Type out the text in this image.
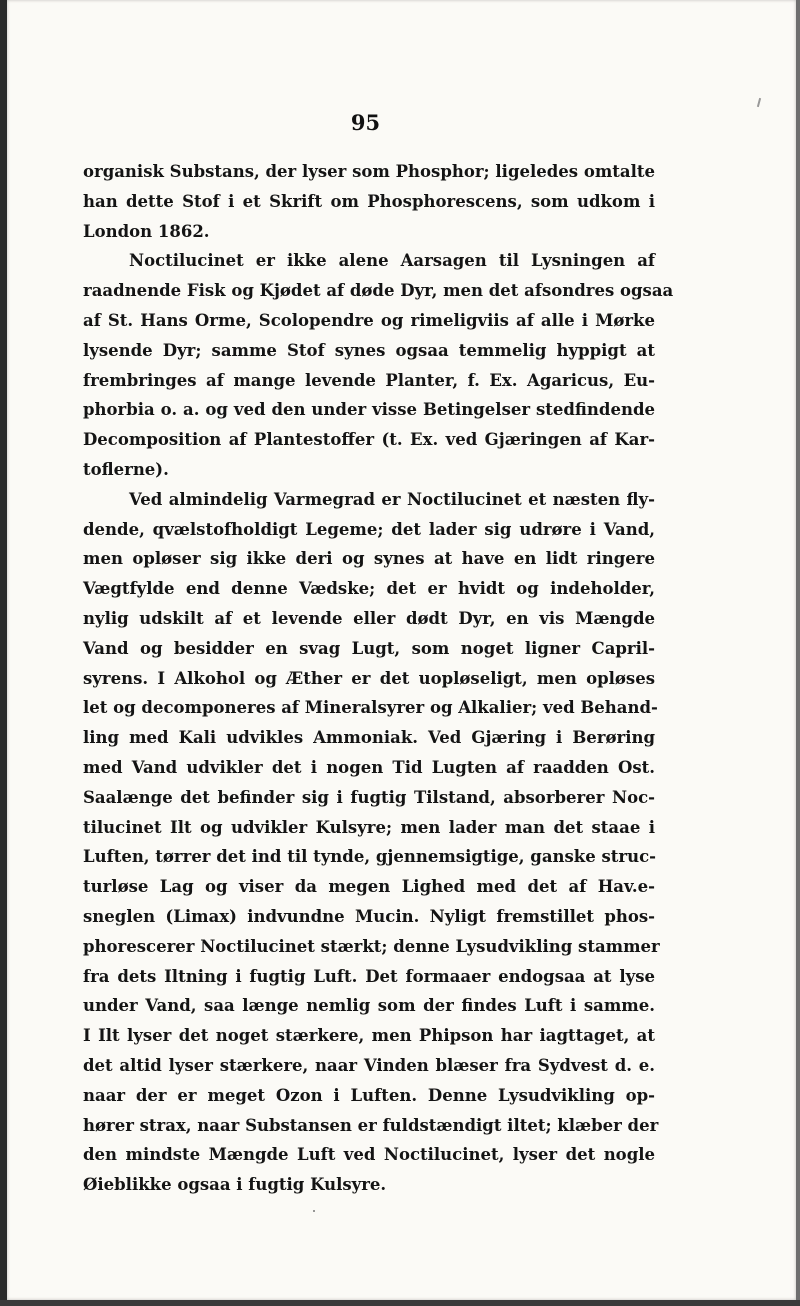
95
organisk Substans, der lyser som Phosphor; ligeledes omtalte
han dette Stof i et Skrift om Phosphorescens, som udkom i
London 1862.
Noctilucinet er ikke alene Aarsagen til Lysningen af
raadnende Fisk og Kjødet af døde Dyr, men det afsondres ogsaa
af St. Hans Orme, Scolopendre og rimeligviis af alle i Mørke
lysende Dyr; samme Stof synes ogsaa temmelig hyppigt at
frembringes af mange levende Planter, f. Ex. Agaricus, Eu-
phorbia o. a. og ved den under visse Betingelser stedfindende
Decomposition af Plantestoffer (t. Ex. ved Gjæringen af Kar-
toflerne).
Ved almindelig Varmegrad er Noctilucinet et næsten fly-
dende, qvælstofholdigt Legeme; det lader sig udrøre i Vand,
men opløser sig ikke deri og synes at have en lidt ringere
Vægtfylde end denne Vædske; det er hvidt og indeholder,
nylig udskilt af et levende eller dødt Dyr, en vis Mængde
Vand og besidder en svag Lugt, som noget ligner Capril-
syrens. I Alkohol og Æther er det uopløseligt, men opløses
let og decomponeres af Mineralsyrer og Alkalier; ved Behand-
ling med Kali udvikles Ammoniak. Ved Gjæring i Berøring
med Vand udvikler det i nogen Tid Lugten af raadden Ost.
Saalænge det befinder sig i fugtig Tilstand, absorberer Noc-
tilucinet Ilt og udvikler Kulsyre; men lader man det staae i
Luften, tørrer det ind til tynde, gjennemsigtige, ganske struc-
turløse Lag og viser da megen Lighed med det af Hav.e-
sneglen (Limax) indvundne Mucin. Nyligt fremstillet phos-
phorescerer Noctilucinet stærkt; denne Lysudvikling stammer
fra dets Iltning i fugtig Luft. Det formaaer endogsaa at lyse
under Vand, saa længe nemlig som der findes Luft i samme.
I Ilt lyser det noget stærkere, men Phipson har iagttaget, at
det altid lyser stærkere, naar Vinden blæser fra Sydvest d. e.
naar der er meget Ozon i Luften. Denne Lysudvikling op-
hører strax, naar Substansen er fuldstændigt iltet; klæber der
den mindste Mængde Luft ved Noctilucinet, lyser det nogle
Øieblikke ogsaa i fugtig Kulsyre.
